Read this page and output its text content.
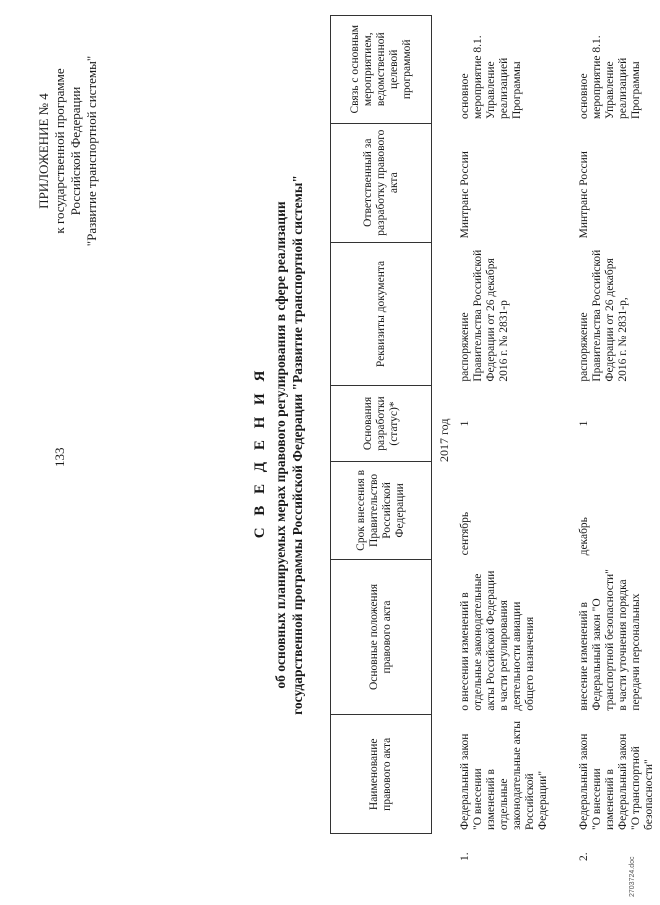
133
ПРИЛОЖЕНИЕ № 4 к государственной программе Российской Федерации "Развитие транспортной системы"
С В Е Д Е Н И Я об основных планируемых мерах правового регулирования в сфере реализации государственной программы Российской Федерации "Развитие транспортной системы"
	Наименование правового акта	Основные положения правового акта	Срок внесения в Правительство Российской Федерации	Основания разработки (статус)*	Реквизиты документа	Ответственный за разработку правового акта	Связь с основным мероприятием, ведомственной целевой программой
2017 год							
1.	Федеральный закон "О внесении изменений в отдельные законодательные акты Российской Федерации"	о внесении изменений в отдельные законодательные акты Российской Федерации в части регулирования деятельности авиации общего назначения	сентябрь	1	распоряжение Правительства Российской Федерации от 26 декабря 2016 г. № 2831-р	Минтранс России	основное мероприятие 8.1. Управление реализацией Программы
2.	Федеральный закон "О внесении изменений в Федеральный закон "О транспортной безопасности"	внесение изменений в Федеральный закон "О транспортной безопасности" в части уточнения порядка передачи персональных	декабрь	1	распоряжение Правительства Российской Федерации от 26 декабря 2016 г. № 2831-р,	Минтранс России	основное мероприятие 8.1. Управление реализацией Программы
2703724.doc
